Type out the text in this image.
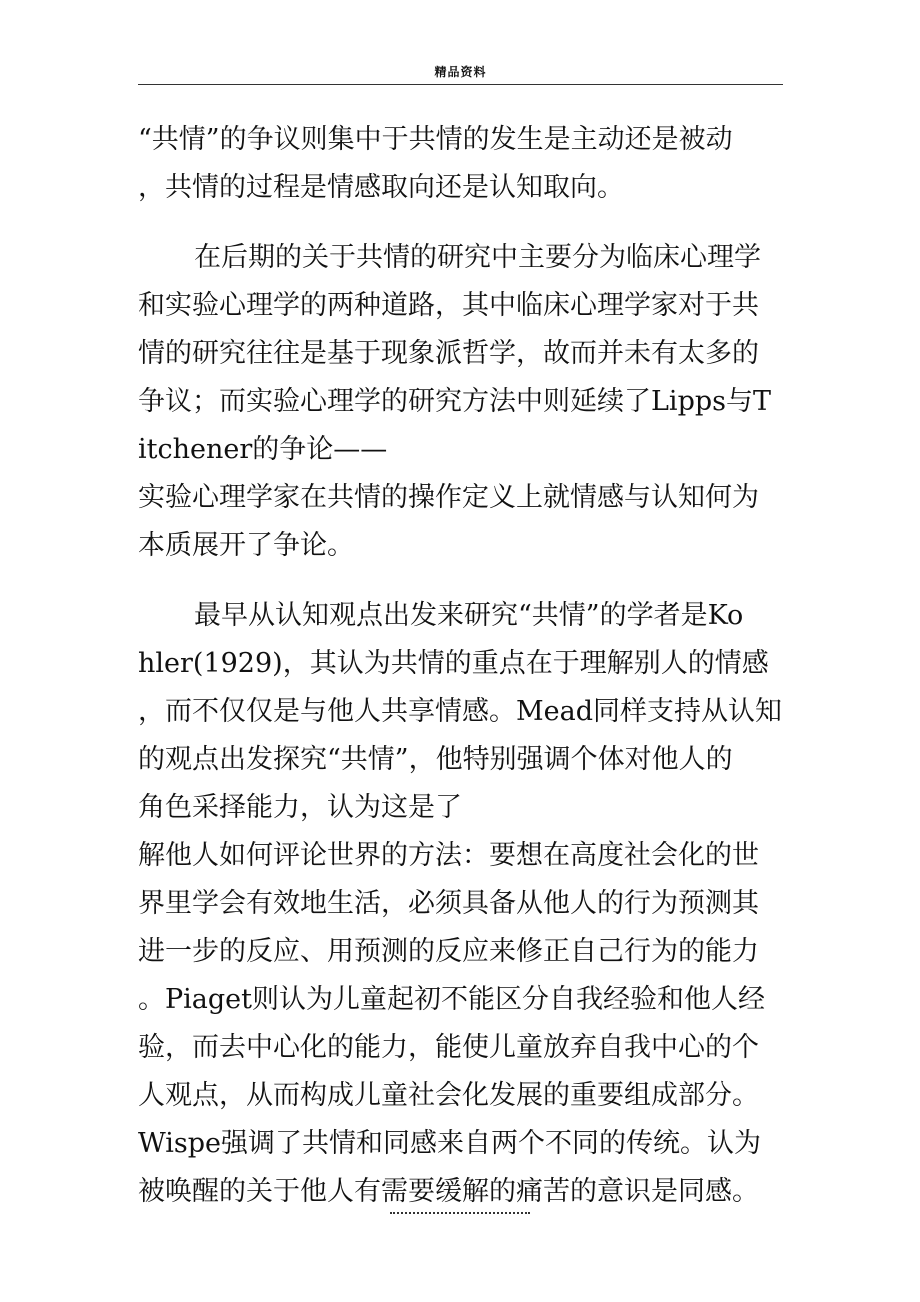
精品资料
“共情”的争议则集中于共情的发生是主动还是被动
，共情的过程是情感取向还是认知取向。
在后期的关于共情的研究中主要分为临床心理学
和实验心理学的两种道路，其中临床心理学家对于共
情的研究往往是基于现象派哲学，故而并未有太多的
争议；而实验心理学的研究方法中则延续了Lipps与T
itchener的争论——
实验心理学家在共情的操作定义上就情感与认知何为
本质展开了争论。
最早从认知观点出发来研究“共情”的学者是Ko
hler(1929)，其认为共情的重点在于理解别人的情感
，而不仅仅是与他人共享情感。Mead同样支持从认知
的观点出发探究“共情”，他特别强调个体对他人的
角色采择能力，认为这是了
解他人如何评论世界的方法：要想在高度社会化的世
界里学会有效地生活，必须具备从他人的行为预测其
进一步的反应、用预测的反应来修正自己行为的能力
。Piaget则认为儿童起初不能区分自我经验和他人经
验，而去中心化的能力，能使儿童放弃自我中心的个
人观点，从而构成儿童社会化发展的重要组成部分。
Wispe强调了共情和同感来自两个不同的传统。认为
被唤醒的关于他人有需要缓解的痛苦的意识是同感。
